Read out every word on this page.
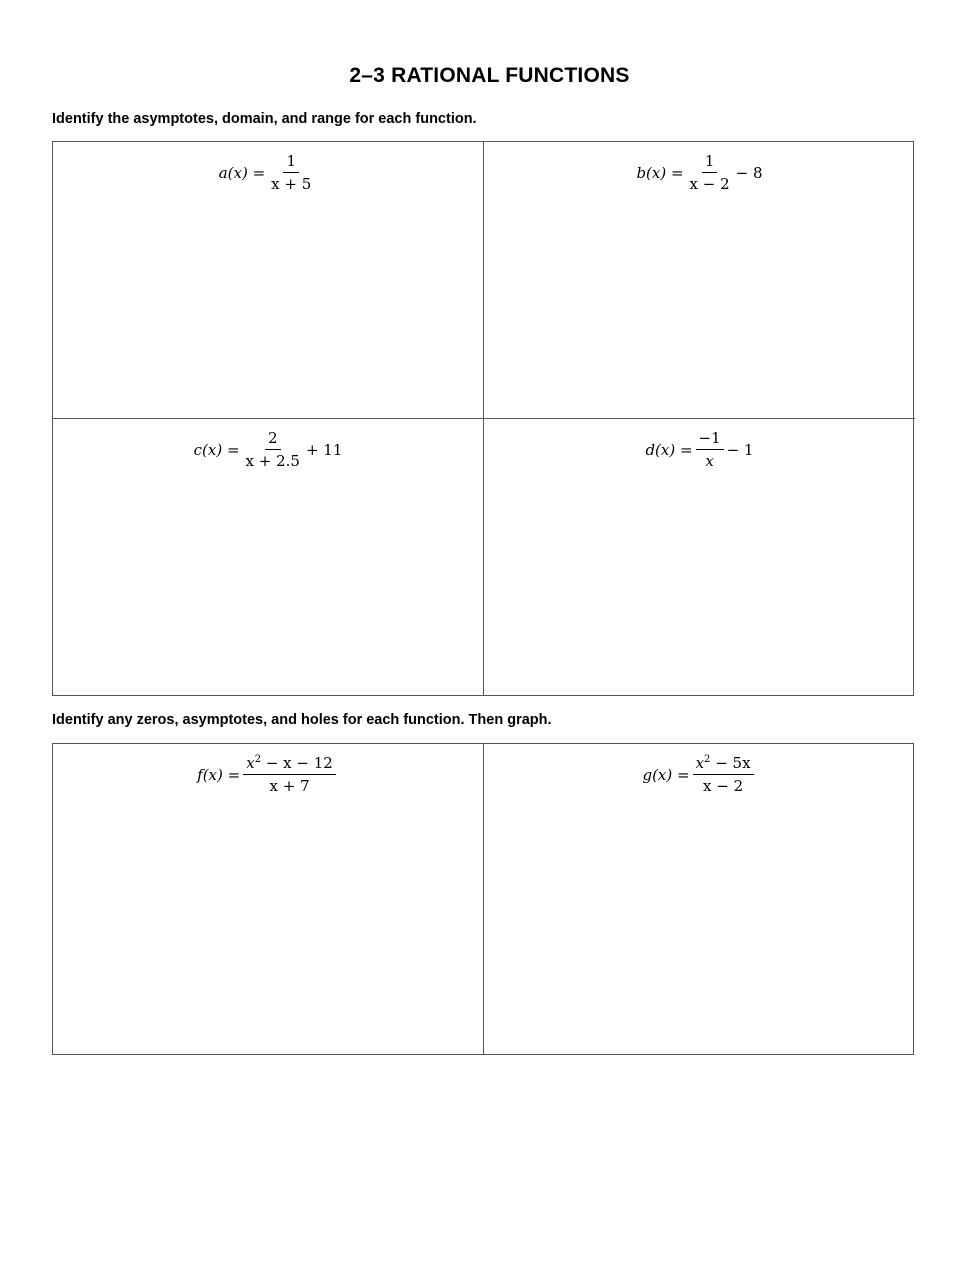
2–3 RATIONAL FUNCTIONS
Identify the asymptotes, domain, and range for each function.
$a(x) = \frac{1}{x + 5}$	$b(x) = \frac{1}{x - 2} - 8$
$c(x) = \frac{2}{x + 2.5} + 11$	$d(x) = \frac{-1}{x} - 1$
Identify any zeros, asymptotes, and holes for each function. Then graph.
$f(x) = \frac{x^2 - x - 12}{x + 7}$	$g(x) = \frac{x^2 - 5x}{x - 2}$
